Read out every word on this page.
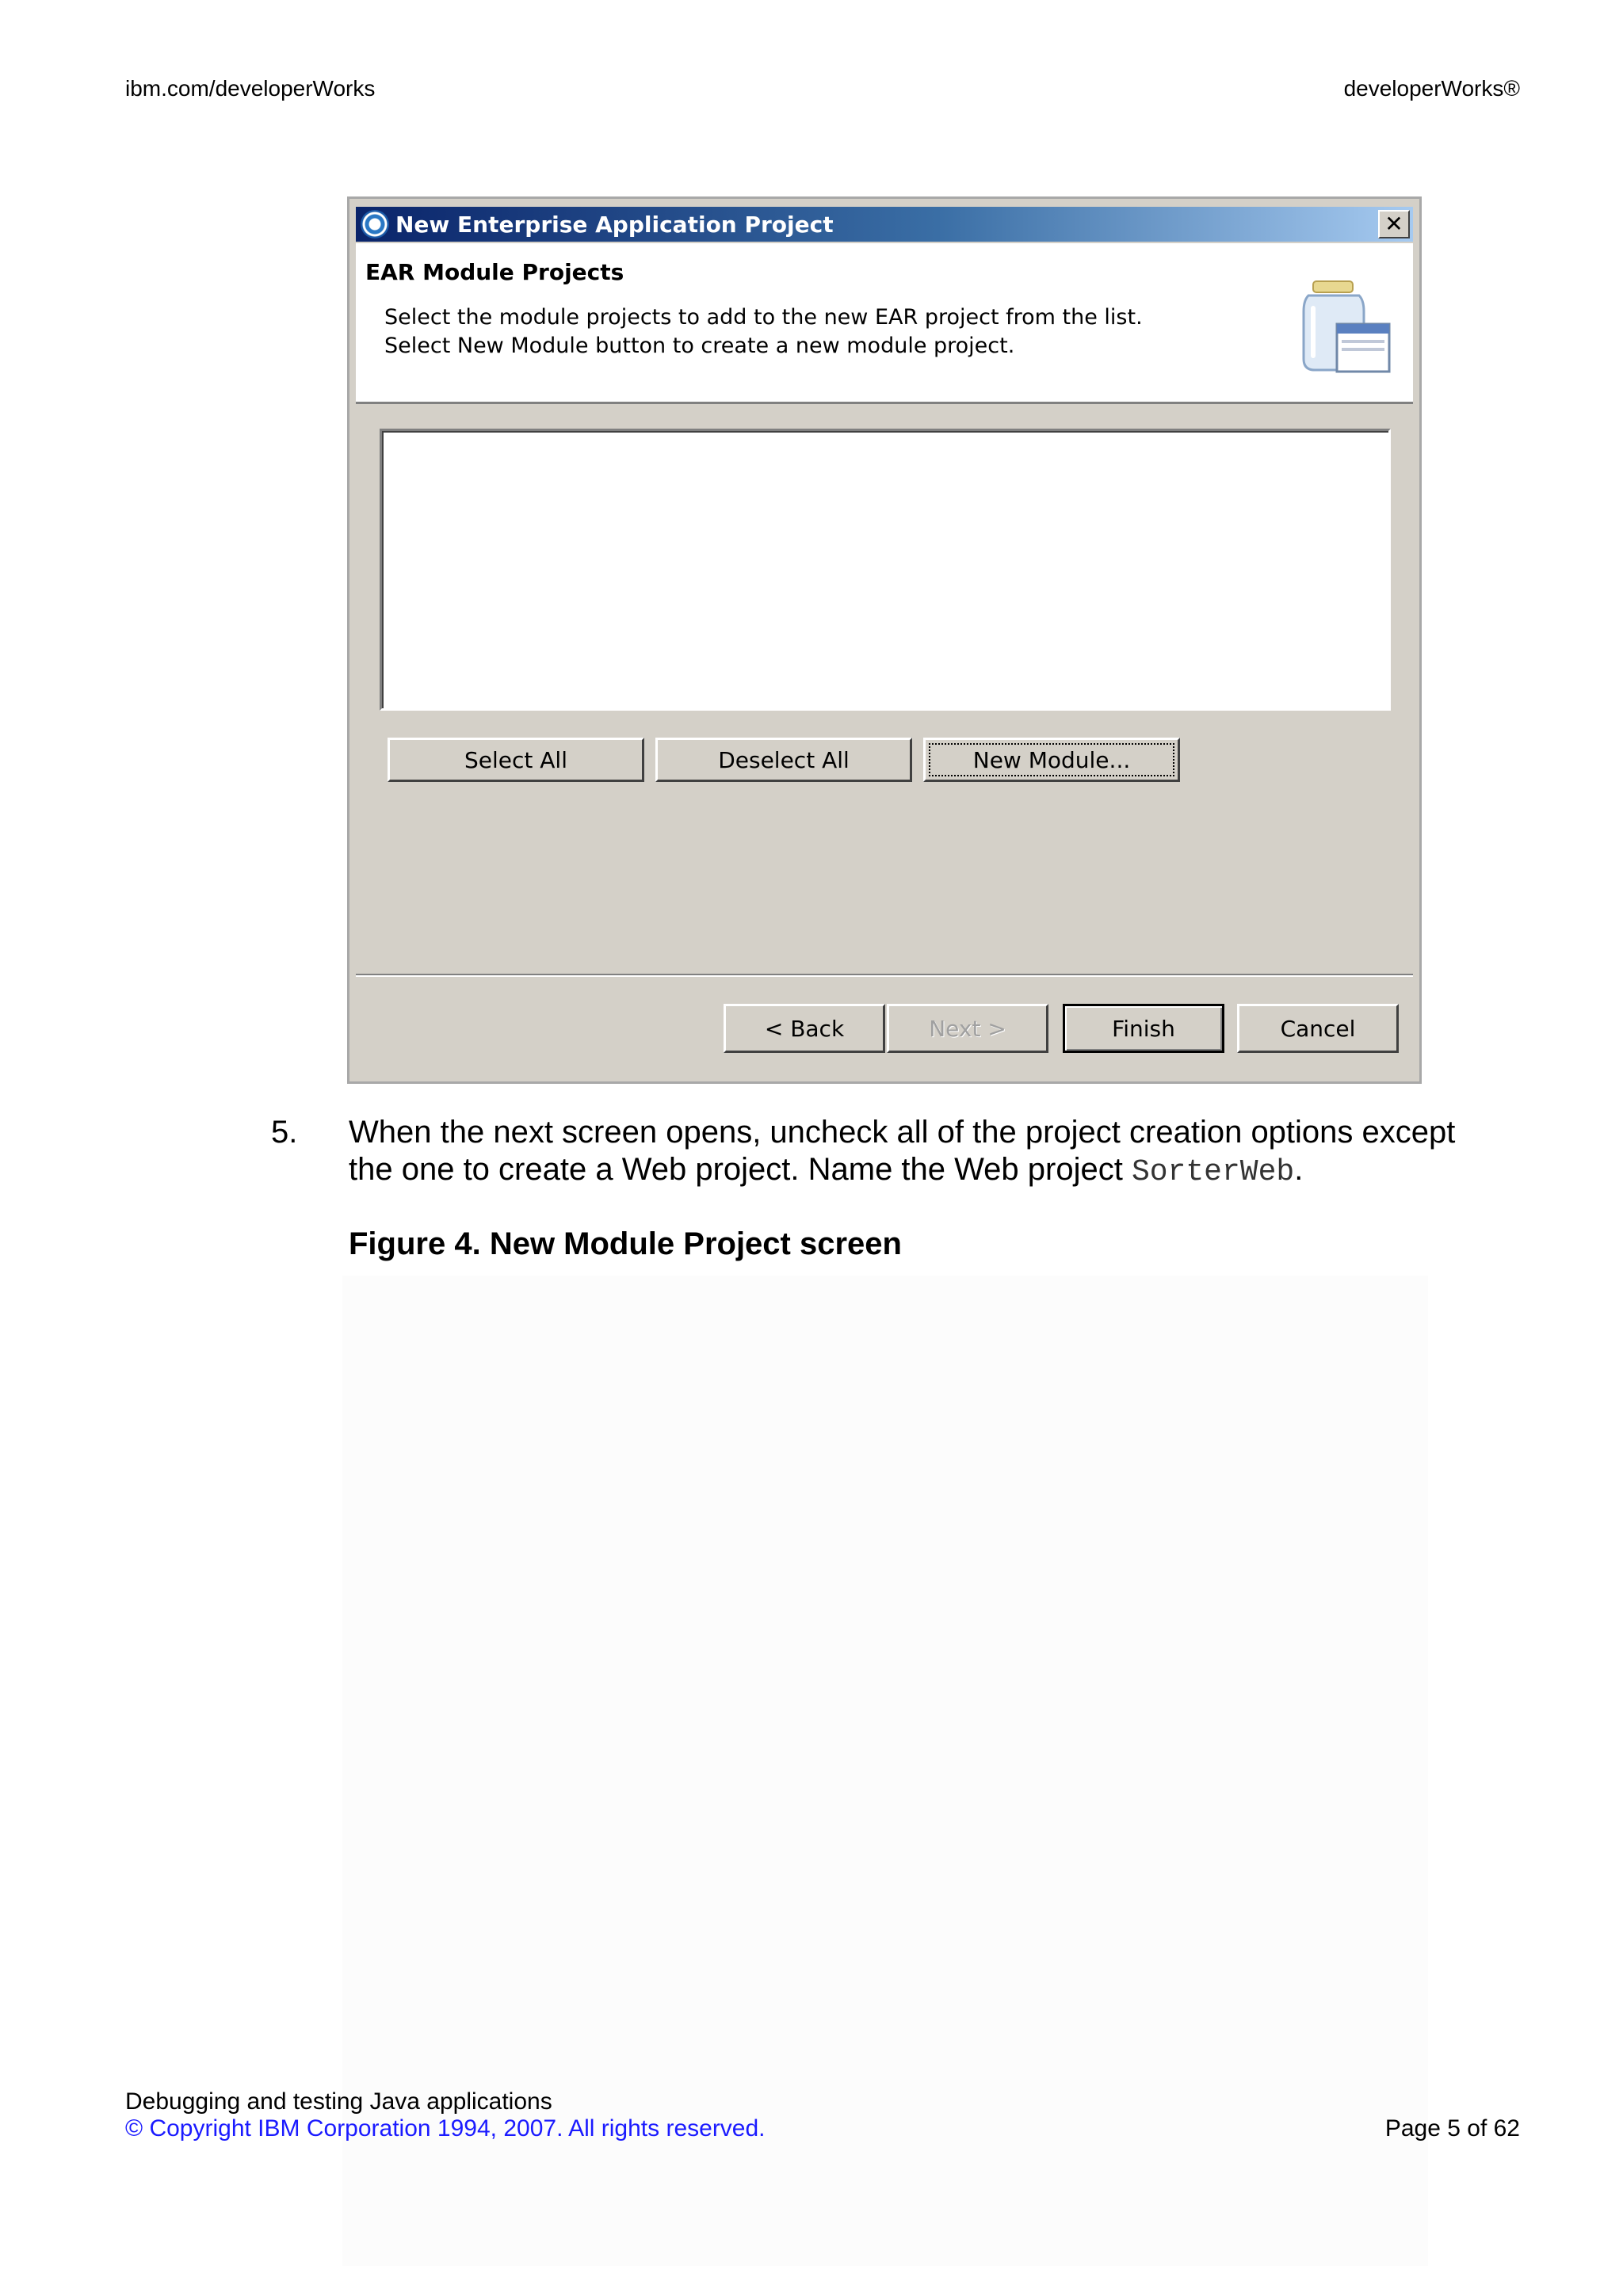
ibm.com/developerWorks	developerWorks®
New Enterprise Application Project	✕
EAR Module Projects
Select the module projects to add to the new EAR project from the list.
Select New Module button to create a new module project.
Select All	Deselect All	New Module...
< Back	Next >	Finish	Cancel
5. When the next screen opens, uncheck all of the project creation options except the one to create a Web project. Name the Web project SorterWeb.
Figure 4. New Module Project screen
Debugging and testing Java applications
© Copyright IBM Corporation 1994, 2007. All rights reserved.	Page 5 of 62
